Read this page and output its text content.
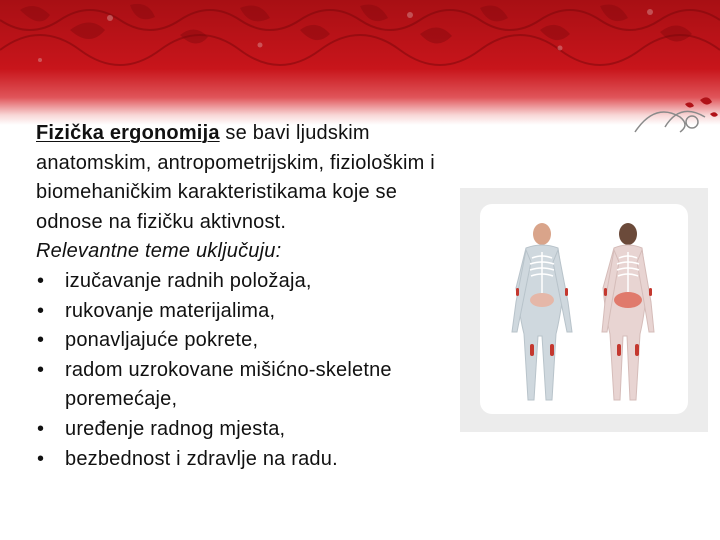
Fizička ergonomija se bavi ljudskim anatomskim, antropometrijskim, fiziološkim i biomehaničkim karakteristikama koje se odnose na fizičku aktivnost.

Relevantne teme uključuju:

• izučavanje radnih položaja,
• rukovanje materijalima,
• ponavljajuće pokrete,
• radom uzrokovane mišićno-skeletne poremećaje,
• uređenje radnog mjesta,
• bezbednost i zdravlje na radu.
